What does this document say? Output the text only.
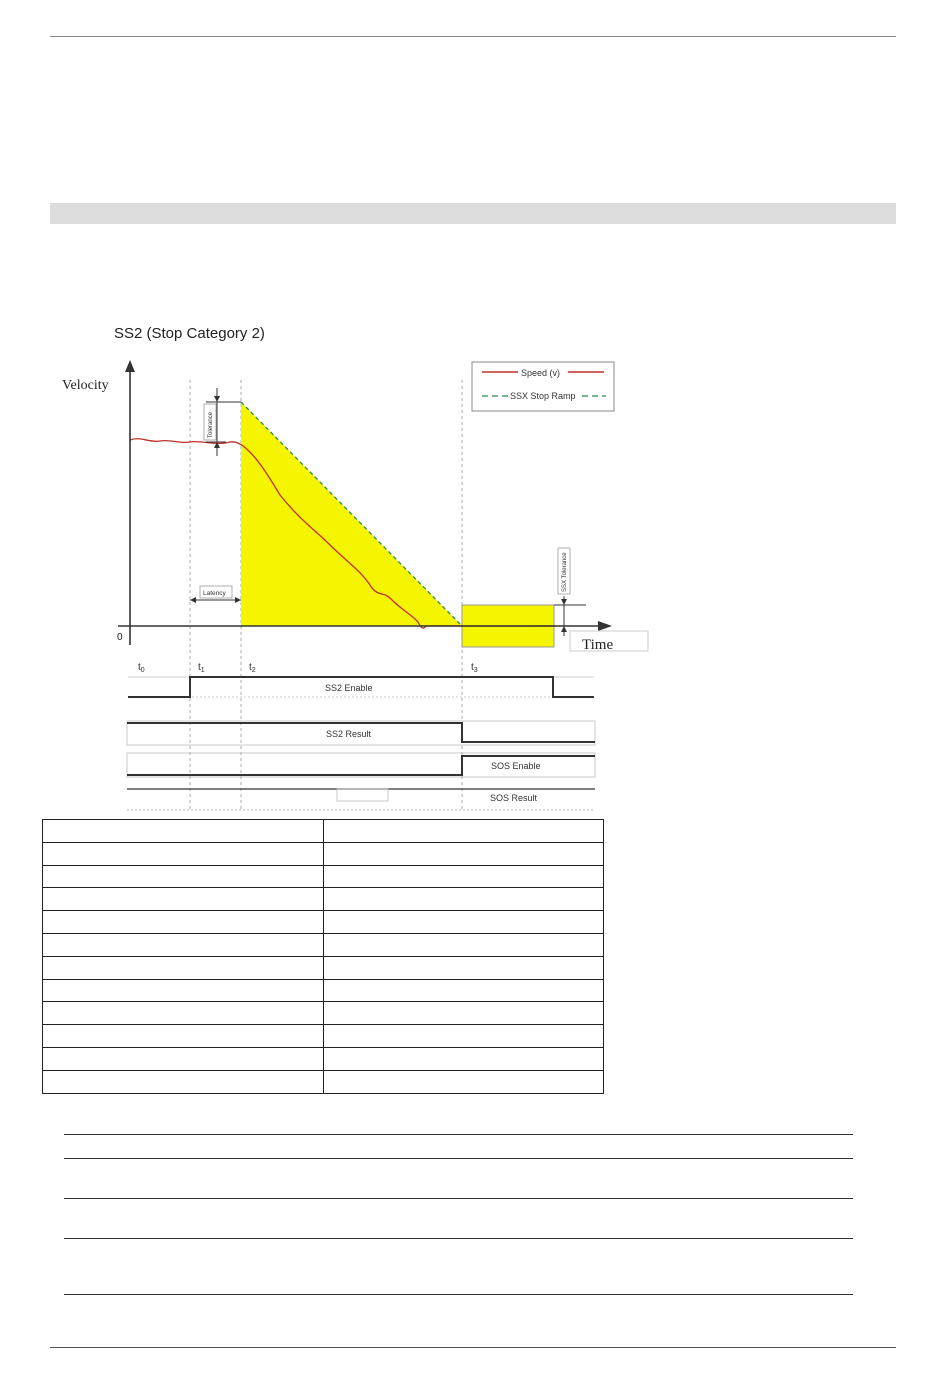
SS2 (Stop Category 2)
Velocity
0	Time
Tolerance
Latency
SSX Tolerance
Speed (v)
SSX Stop Ramp
$t_0$	$t_1$	$t_2$	$t_3$
SS2 Enable
SS2 Result
SOS Enable
SOS Result
